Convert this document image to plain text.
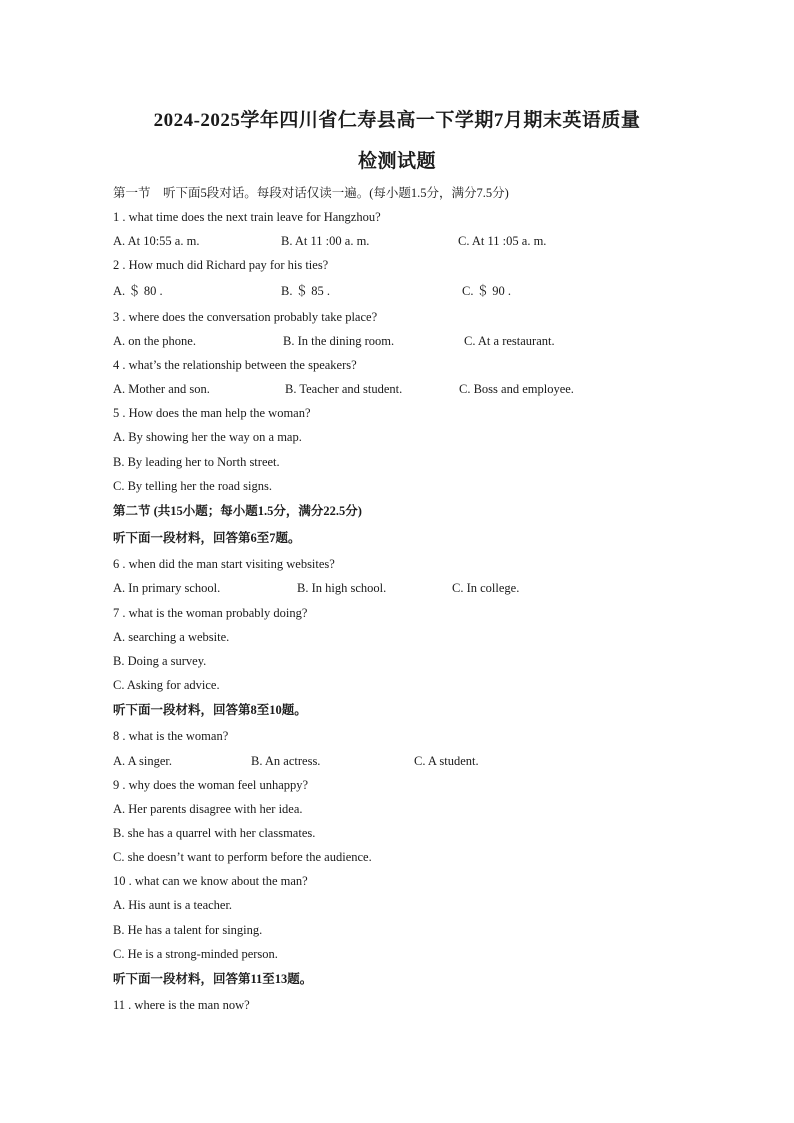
2024-2025学年四川省仁寿县高一下学期7月期末英语质量
检测试题
第一节　听下面5段对话。每段对话仅读一遍。(每小题1.5分，满分7.5分)
1 . what time does the next train leave for Hangzhou?
A. At 10:55 a. m.	B. At 11 :00 a. m.	C. At 11 :05 a. m.
2 . How much did Richard pay for his ties?
A. ＄ 80 .	B. ＄ 85 .	C. ＄ 90 .
3 . where does the conversation probably take place?
A. on the phone.	B. In the dining room.	C. At a restaurant.
4 . what’s the relationship between the speakers?
A. Mother and son.	B. Teacher and student.	C. Boss and employee.
5 . How does the man help the woman?
A. By showing her the way on a map.
B. By leading her to North street.
C. By telling her the road signs.
第二节 (共15小题；每小题1.5分，满分22.5分)
听下面一段材料，回答第6至7题。
6 . when did the man start visiting websites?
A. In primary school.	B. In high school.	C. In college.
7 . what is the woman probably doing?
A. searching a website.
B. Doing a survey.
C. Asking for advice.
听下面一段材料，回答第8至10题。
8 . what is the woman?
A. A singer.	B. An actress.	C. A student.
9 . why does the woman feel unhappy?
A. Her parents disagree with her idea.
B. she has a quarrel with her classmates.
C. she doesn’t want to perform before the audience.
10 . what can we know about the man?
A. His aunt is a teacher.
B. He has a talent for singing.
C. He is a strong-minded person.
听下面一段材料，回答第11至13题。
11 . where is the man now?
